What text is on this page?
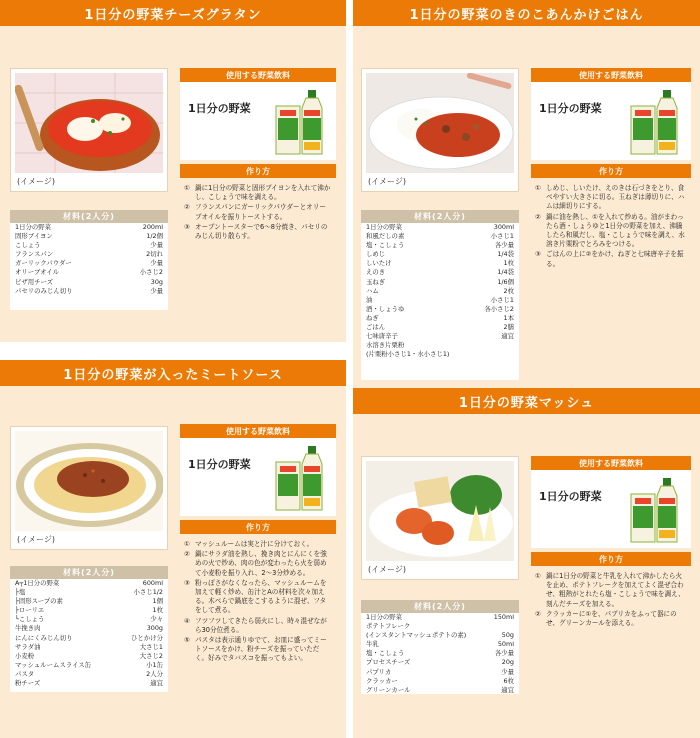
1日分の野菜チーズグラタン
(イメージ)
材料(2人分)
1日分の野菜	200ml
固形ブイヨン	1/2個
こしょう	少量
フランスパン	2切れ
ガーリックパウダー	少量
オリーブオイル	小さじ2
ピザ用チーズ	30g
パセリのみじん切り	少量
使用する野菜飲料
1日分の野菜
作り方
① 鍋に1日分の野菜と固形ブイヨンを入れて沸かし、こしょうで味を調える。
② フランスパンにガーリックパウダーとオリーブオイルを振りトーストする。
③ オーブントースターで6〜8分焼き、パセリのみじん切り散らす。
1日分の野菜のきのこあんかけごはん
(イメージ)
材料(2人分)
1日分の野菜	300ml
和風だしの素	小さじ1
塩・こしょう	各少量
しめじ	1/4袋
しいたけ	1枚
えのき	1/4袋
玉ねぎ	1/6個
ハム	2枚
油	小さじ1
酒・しょうゆ	各小さじ2
ねぎ	1本
ごはん	2膳
七味唐辛子	適宜
水溶き片栗粉
(片栗粉小さじ1・水小さじ1)
使用する野菜飲料
1日分の野菜
作り方
① しめじ、しいたけ、えのきは石づきをとり、食べやすい大きさに切る。玉ねぎは薄切りに、ハムは細切りにする。
② 鍋に油を熱し、①を入れて炒める。油がまわったら酒・しょうゆと1日分の野菜を加え、沸騰したら和風だし、塩・こしょうで味を調え、水溶き片栗粉でとろみをつける。
③ ごはんの上に②をかけ、ねぎと七味唐辛子を振る。
1日分の野菜が入ったミートソース
(イメージ)
材料(2人分)
A┬1日分の野菜	600ml
├塩	小さじ1/2
├固形スープの素	1個
├ローリエ	1枚
└こしょう	少々
牛挽き肉	300g
にんにくみじん切り	ひとかけ分
サラダ油	大さじ1
小麦粉	大さじ2
マッシュルームスライス缶	小1缶
パスタ	2人分
粉チーズ	適宜
使用する野菜飲料
1日分の野菜
作り方
① マッシュルームは実と汁に分けておく。
② 鍋にサラダ油を熱し、挽き肉とにんにくを強めの火で炒め、肉の色が変わったら火を弱めて小麦粉を振り入れ、2〜3分炒める。
③ 粉っぽさがなくなったら、マッシュルームを加えて軽く炒め、缶汁とAの材料を次々加える。木べらで鍋底をこするように混ぜ、フタをして煮る。
④ フツフツしてきたら弱火にし、時々混ぜながら30分位煮る。
⑤ パスタは表示通りゆでて、お皿に盛ってミートソースをかけ、粉チーズを振っていただく。好みでタバスコを振ってもよい。
1日分の野菜マッシュ
(イメージ)
材料(2人分)
1日分の野菜	150ml
ポテトフレーク
(インスタントマッシュポテトの素)	50g
牛乳	50ml
塩・こしょう	各少量
プロセスチーズ	20g
パプリカ	少量
クラッカー	6枚
グリーンカール	適宜
使用する野菜飲料
1日分の野菜
作り方
① 鍋に1日分の野菜と牛乳を入れて沸かしたら火を止め、ポテトフレークを加えてよく混ぜ合わせ、粗熱がとれたら塩・こしょうで味を調え、刻んだチーズを加える。
② クラッカーに①を、パプリカをふって器にのせ、グリーンカールを添える。
